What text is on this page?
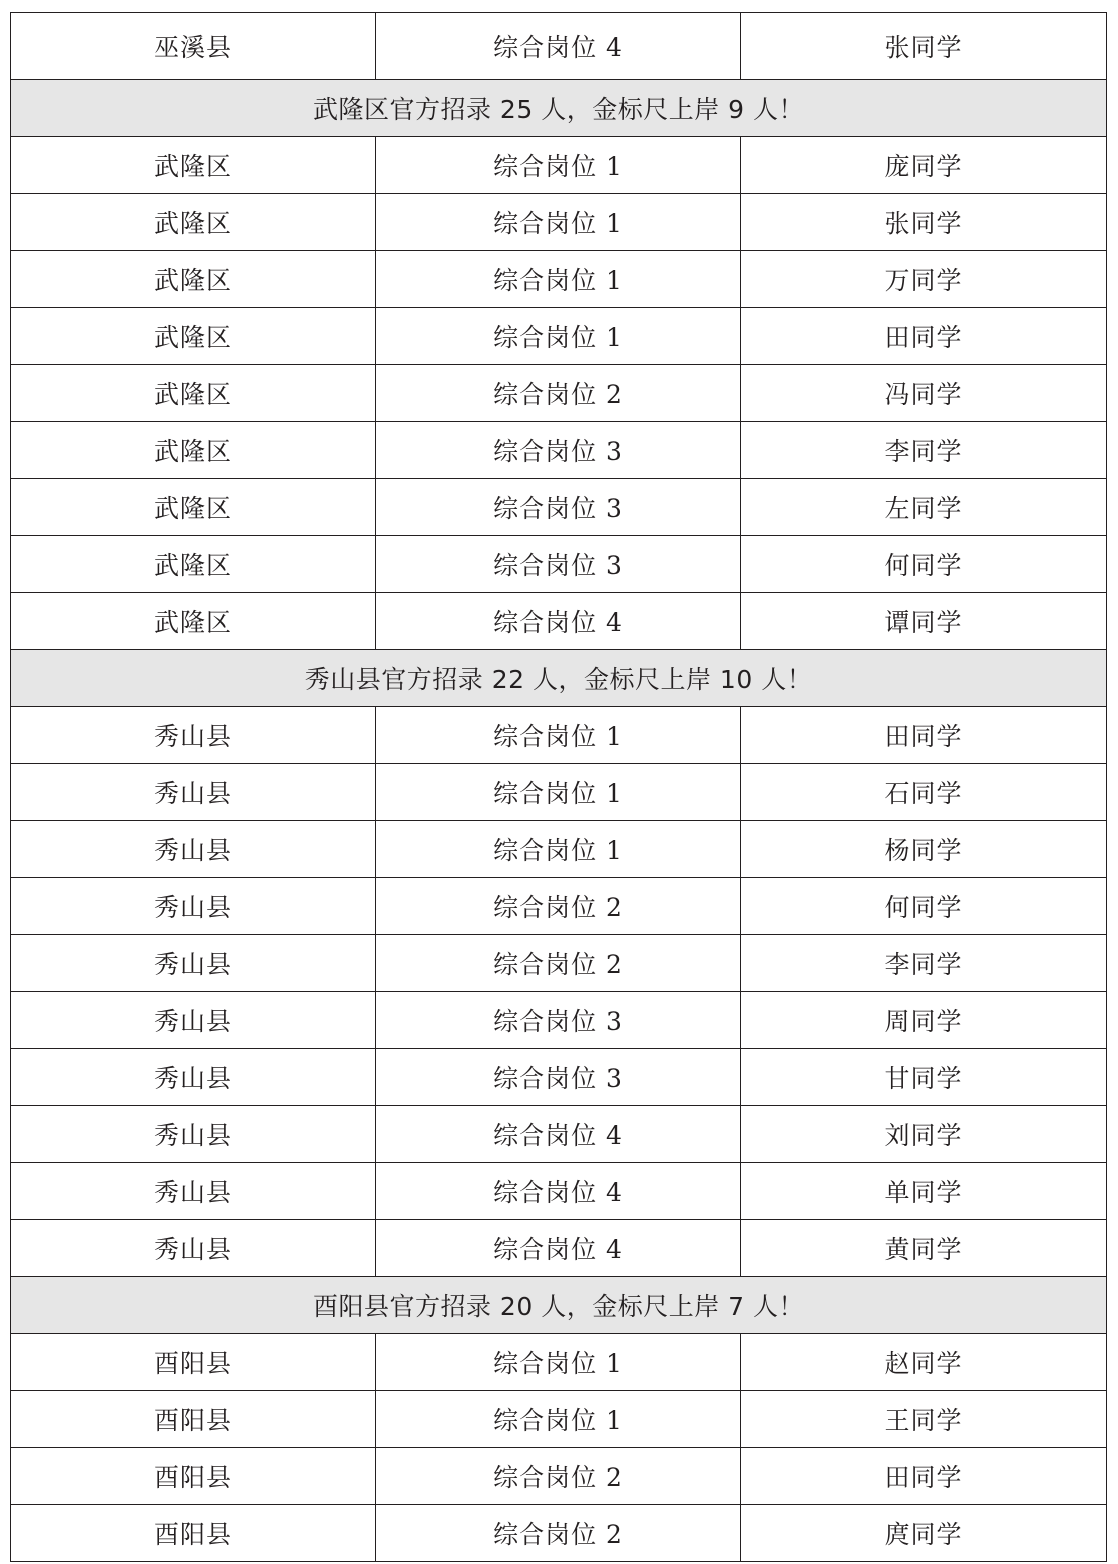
巫溪县	综合岗位 4	张同学
武隆区官方招录 25 人，金标尺上岸 9 人！		
武隆区	综合岗位 1	庞同学
武隆区	综合岗位 1	张同学
武隆区	综合岗位 1	万同学
武隆区	综合岗位 1	田同学
武隆区	综合岗位 2	冯同学
武隆区	综合岗位 3	李同学
武隆区	综合岗位 3	左同学
武隆区	综合岗位 3	何同学
武隆区	综合岗位 4	谭同学
秀山县官方招录 22 人，金标尺上岸 10 人！		
秀山县	综合岗位 1	田同学
秀山县	综合岗位 1	石同学
秀山县	综合岗位 1	杨同学
秀山县	综合岗位 2	何同学
秀山县	综合岗位 2	李同学
秀山县	综合岗位 3	周同学
秀山县	综合岗位 3	甘同学
秀山县	综合岗位 4	刘同学
秀山县	综合岗位 4	单同学
秀山县	综合岗位 4	黄同学
酉阳县官方招录 20 人，金标尺上岸 7 人！		
酉阳县	综合岗位 1	赵同学
酉阳县	综合岗位 1	王同学
酉阳县	综合岗位 2	田同学
酉阳县	综合岗位 2	庹同学
